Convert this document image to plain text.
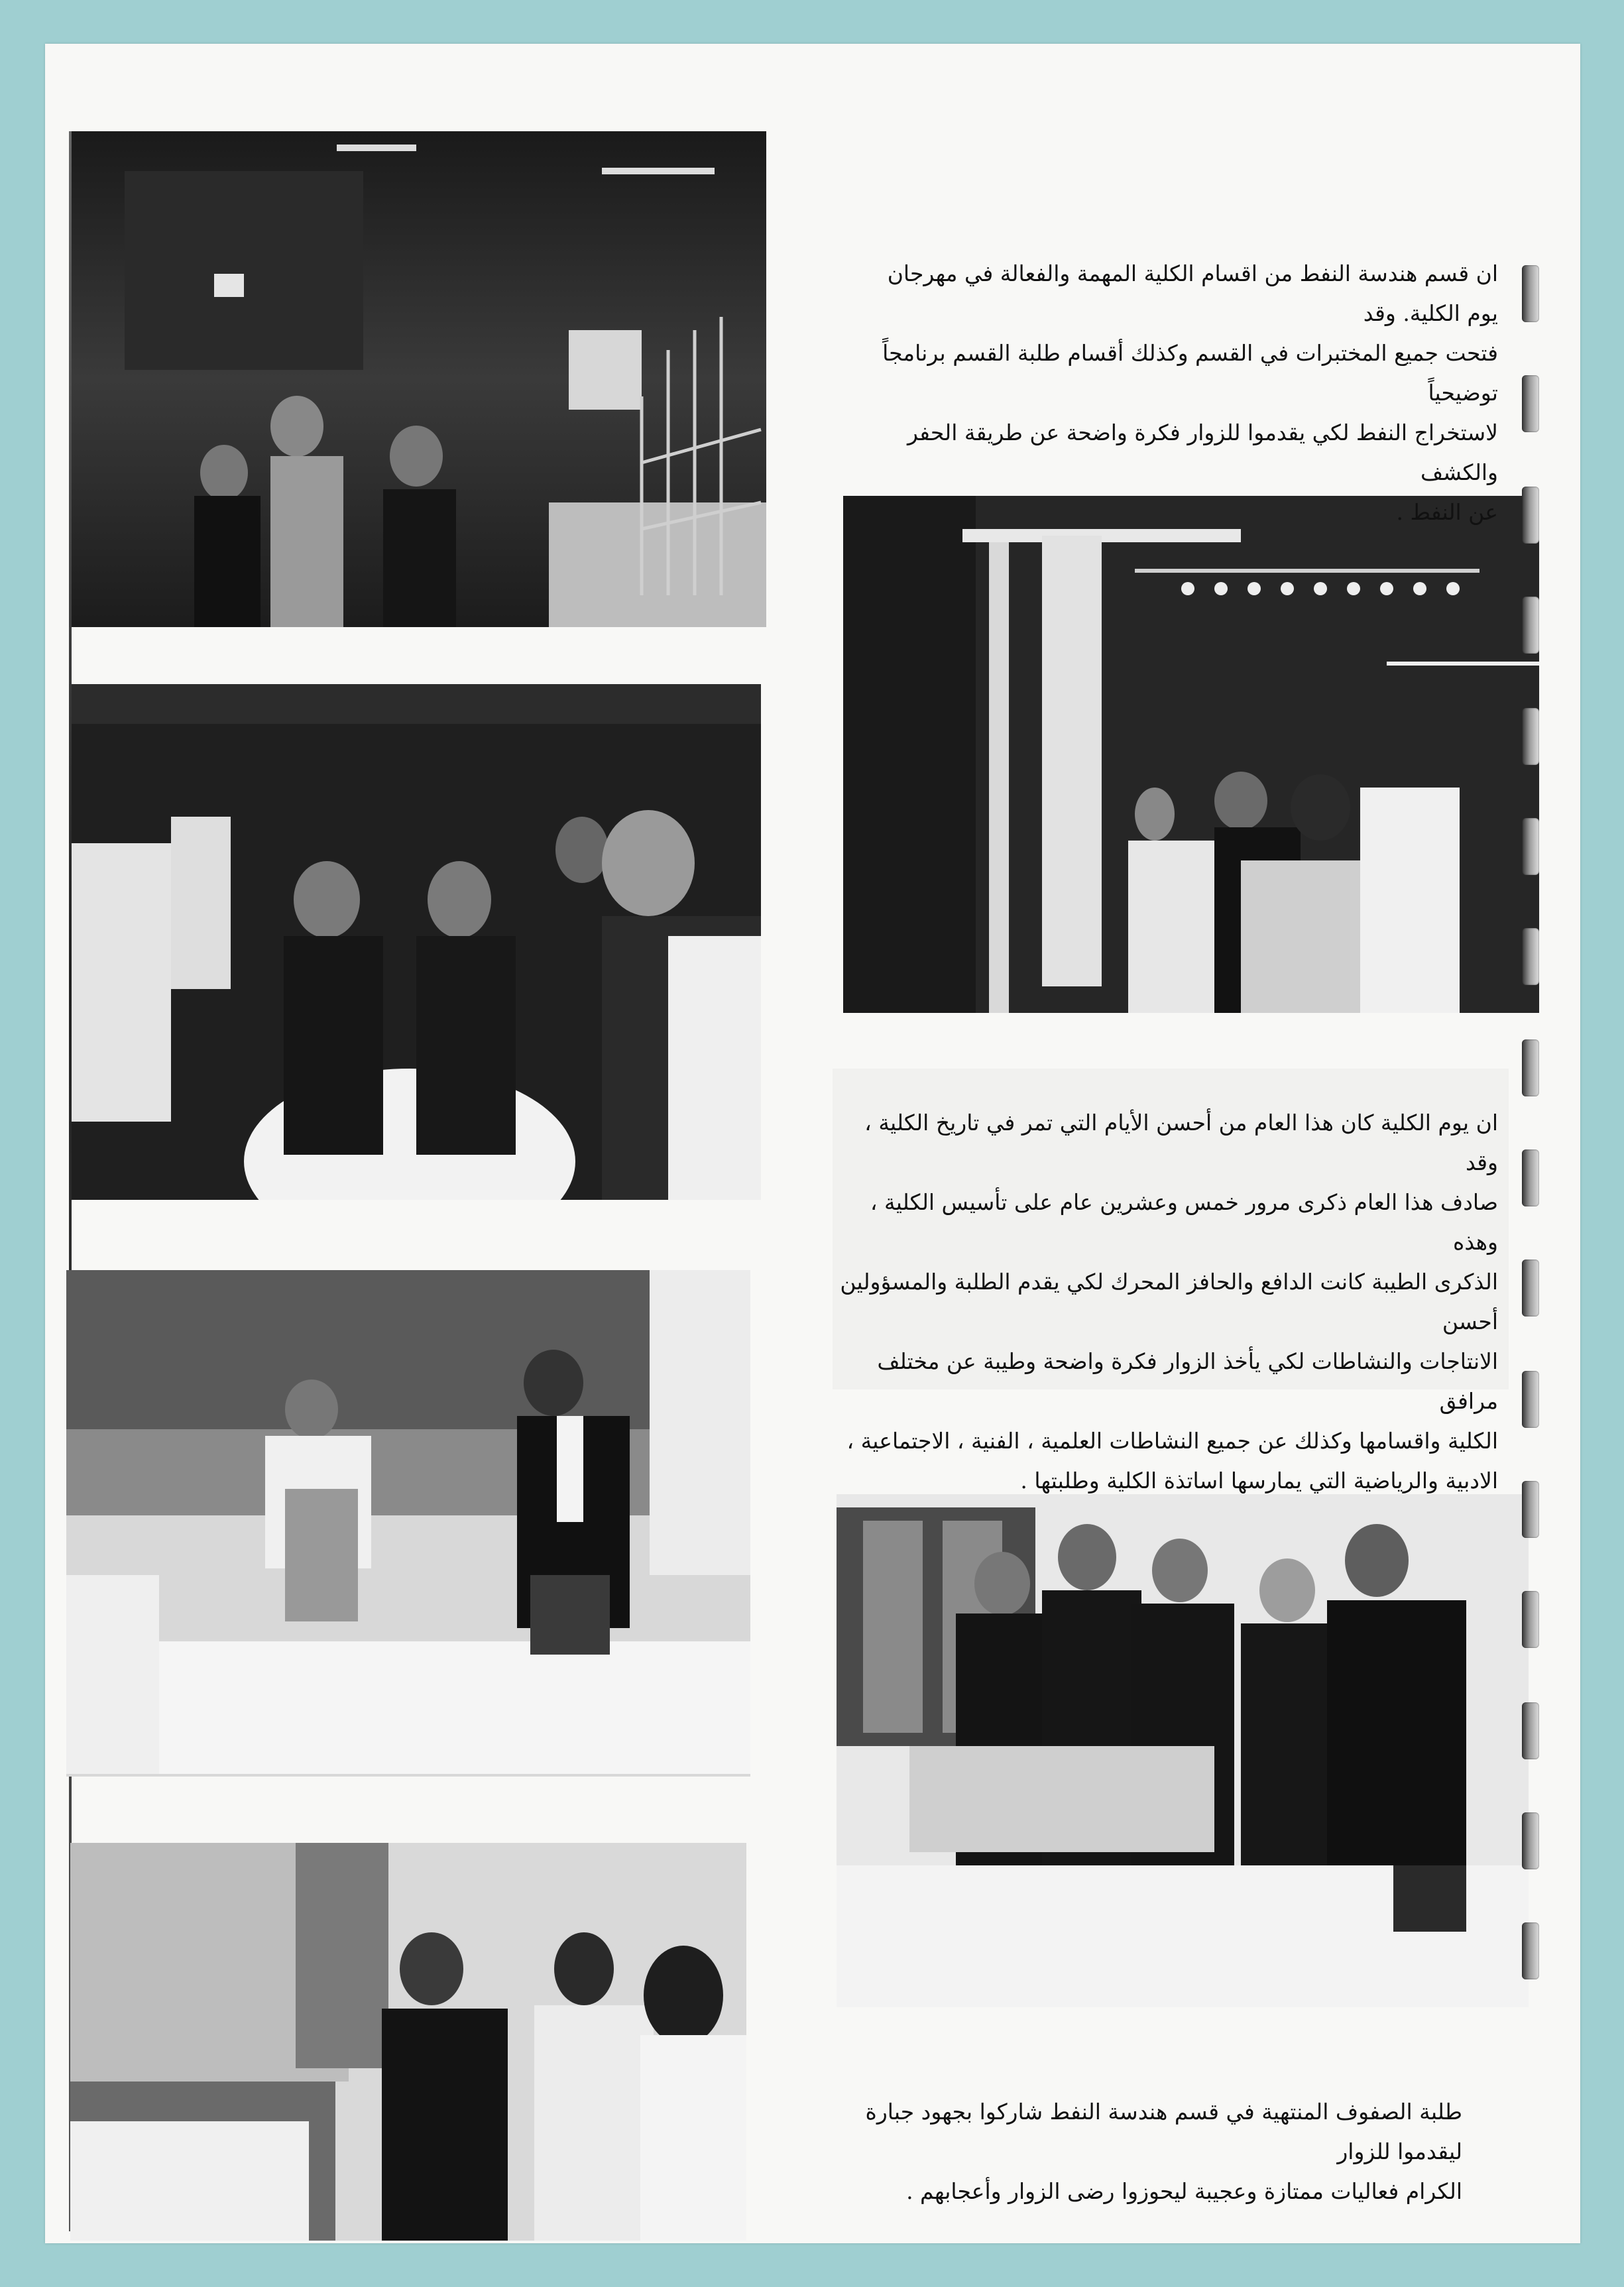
ان قسم هندسة النفط من اقسام الكلية المهمة والفعالة في مهرجان يوم الكلية. وقد
فتحت جميع المختبرات في القسم وكذلك أقسام طلبة القسم برنامجاً توضيحياً
لاستخراج النفط لكي يقدموا للزوار فكرة واضحة عن طريقة الحفر والكشف
عن النفط .
ان يوم الكلية كان هذا العام من أحسن الأيام التي تمر في تاريخ الكلية ، وقد
صادف هذا العام ذكرى مرور خمس وعشرين عام على تأسيس الكلية ، وهذه
الذكرى الطيبة كانت الدافع والحافز المحرك لكي يقدم الطلبة والمسؤولين أحسن
الانتاجات والنشاطات لكي يأخذ الزوار فكرة واضحة وطيبة عن مختلف مرافق
الكلية واقسامها وكذلك عن جميع النشاطات العلمية ، الفنية ، الاجتماعية ،
الادبية والرياضية التي يمارسها اساتذة الكلية وطلبتها .
طلبة الصفوف المنتهية في قسم هندسة النفط شاركوا بجهود جبارة ليقدموا للزوار
الكرام فعاليات ممتازة وعجيبة ليحوزوا رضى الزوار وأعجابهم .
